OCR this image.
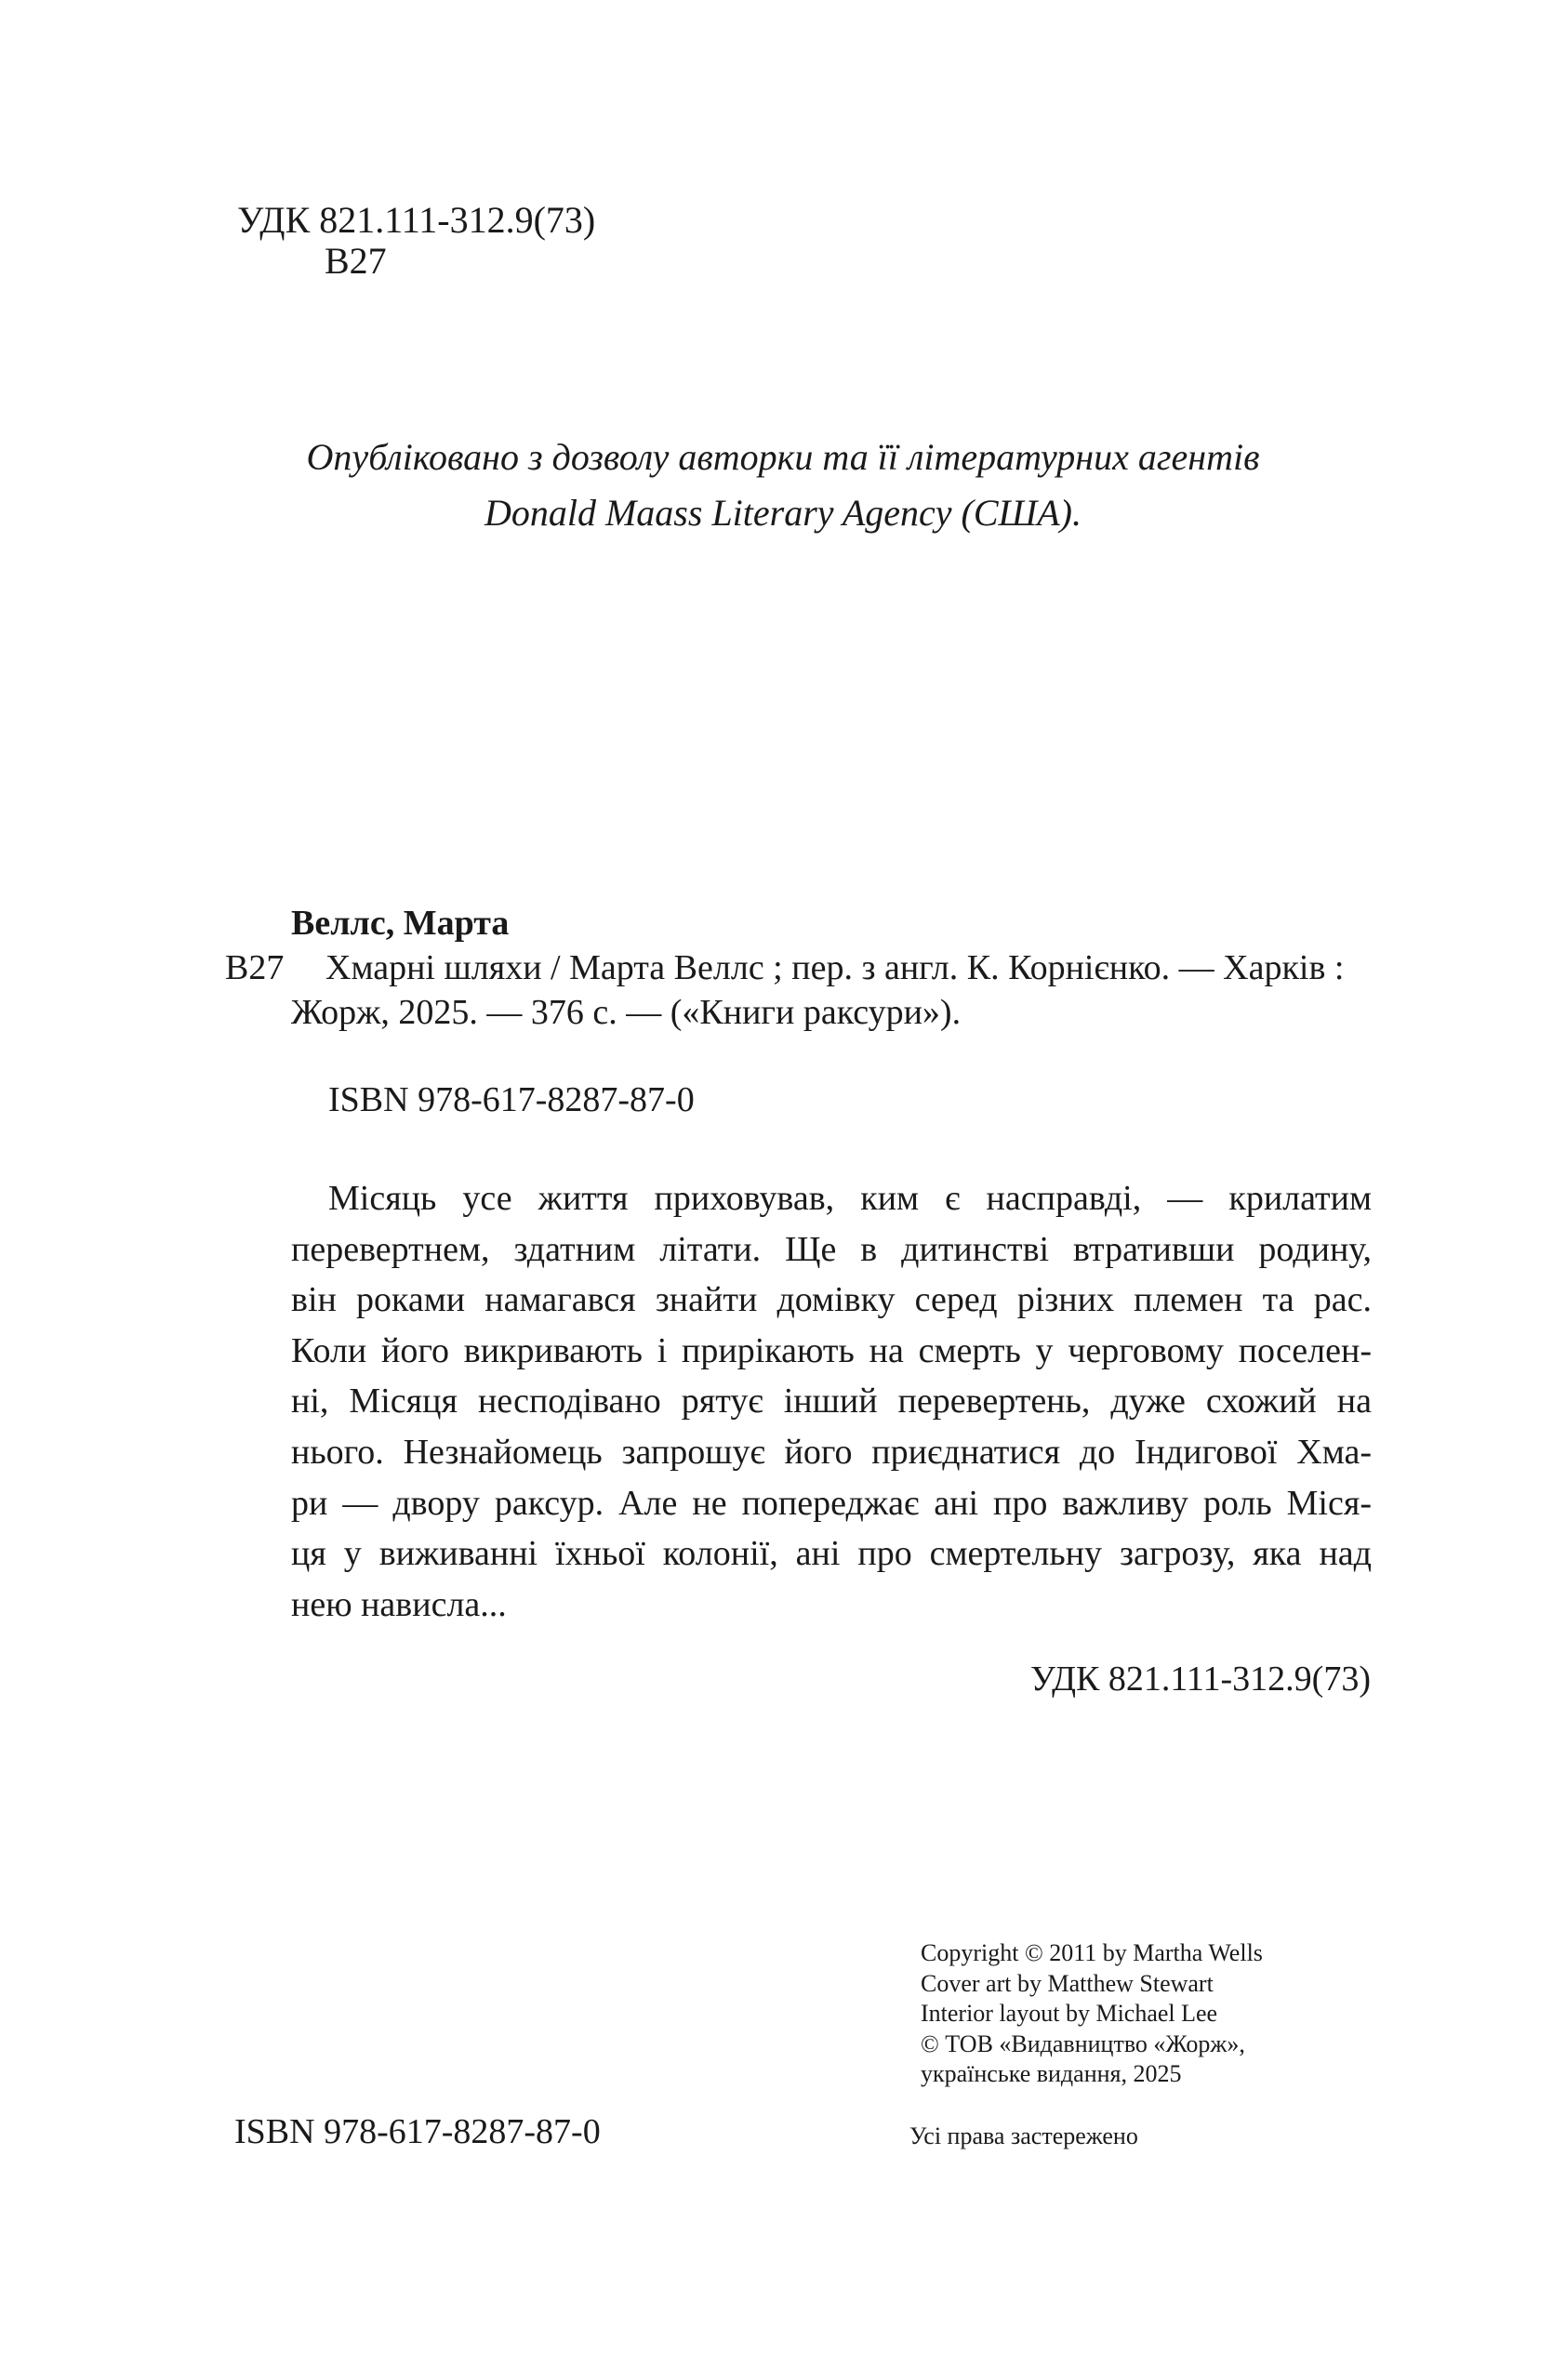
УДК 821.111-312.9(73)
В27
Опубліковано з дозволу авторки та її літературних агентів
Donald Maass Literary Agency (США).
Веллс, Марта
В27 Хмарні шляхи / Марта Веллс ; пер. з англ. К. Корнієнко. — Харків :
Жорж, 2025. — 376 с. — («Книги раксури»).
ISBN 978-617-8287-87-0
Місяць усе життя приховував, ким є насправді, — крилатим
перевертнем, здатним літати. Ще в дитинстві втративши родину,
він роками намагався знайти домівку серед різних племен та рас.
Коли його викривають і прирікають на смерть у черговому поселен-
ні, Місяця несподівано рятує інший перевертень, дуже схожий на
нього. Незнайомець запрошує його приєднатися до Індигової Хма-
ри — двору раксур. Але не попереджає ані про важливу роль Міся-
ця у виживанні їхньої колонії, ані про смертельну загрозу, яка над
нею нависла...
УДК 821.111-312.9(73)
Copyright © 2011 by Martha Wells
Cover art by Matthew Stewart
Interior layout by Michael Lee
© ТОВ «Видавництво «Жорж»,
українське видання, 2025
ISBN 978-617-8287-87-0	Усі права застережено
